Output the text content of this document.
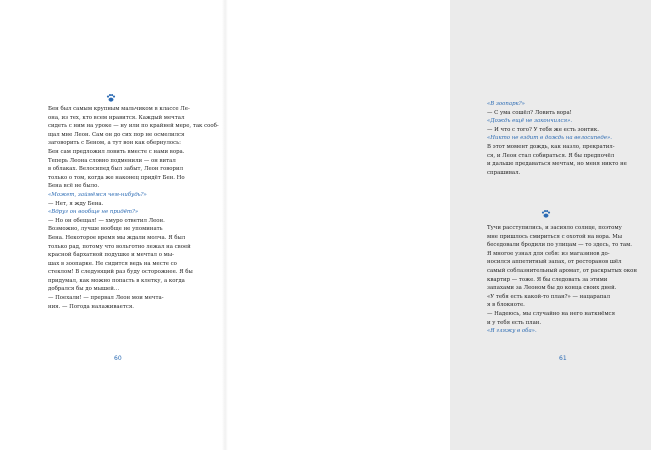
Бен был самым крупным мальчиком в классе Ле-
она, из тех, кто всем нравится. Каждый мечтал
сидеть с ним на уроке — ну или по крайней мере, так сооб-
щал мне Леон. Сам он до сих пор не осмелился
заговорить с Беном, а тут вон как обернулось:
Бен сам предложил ловить вместе с нами вора.
Теперь Леона словно подменили — он витал
в облаках. Велосипед был забыт, Леон говорил
только о том, когда же наконец придёт Бен. Но
Бена всё не было.
«Может, займёмся чем-нибудь?»
— Нет, я жду Бена.
«Вдруг он вообще не придёт?»
— Но он обещал! — хмуро ответил Леон.
Возможно, лучше вообще не упоминать
Бена. Некоторое время мы ждали молча. Я был
только рад, потому что вольготно лежал на своей
красной бархатной подушке и мечтал о мы-
шах в зоопарке. Не сидится ведь на месте со
стеклом! В следующий раз буду осторожнее. Я бы
придумал, как можно попасть в клетку, а когда
добрался бы до мышей…
— Поехали! — прервал Леон мои мечта-
ния. — Погода налаживается.
60
«В зоопарк?»
— С ума сошёл? Ловить вора!
«Дождь ещё не закончился».
— И что с того? У тебя же есть зонтик.
«Никто не ездит в дождь на велосипеде».
В этот момент дождь, как назло, прекратил-
ся, и Леон стал собираться. Я бы предпочёл
и дальше предаваться мечтам, но меня никто не
спрашивал.
Тучи расступились, и засияло солнце, поэтому
мне пришлось смириться с охотой на вора. Мы
беседовали бродили по улицам — то здесь, то там.
Я многое узнал для себя: из магазинов до-
носился аппетитный запах, от ресторанов шёл
самый соблазнительный аромат, от раскрытых окон
квартир — тоже. Я бы следовать за этими
запахами за Леоном бы до конца своих дней.
«У тебя есть какой-то план?» — нацарапал
я в блокноте.
— Надеюсь, мы случайно на него наткнёмся
и у тебя есть план.
«Я гляжу в оба».
61
